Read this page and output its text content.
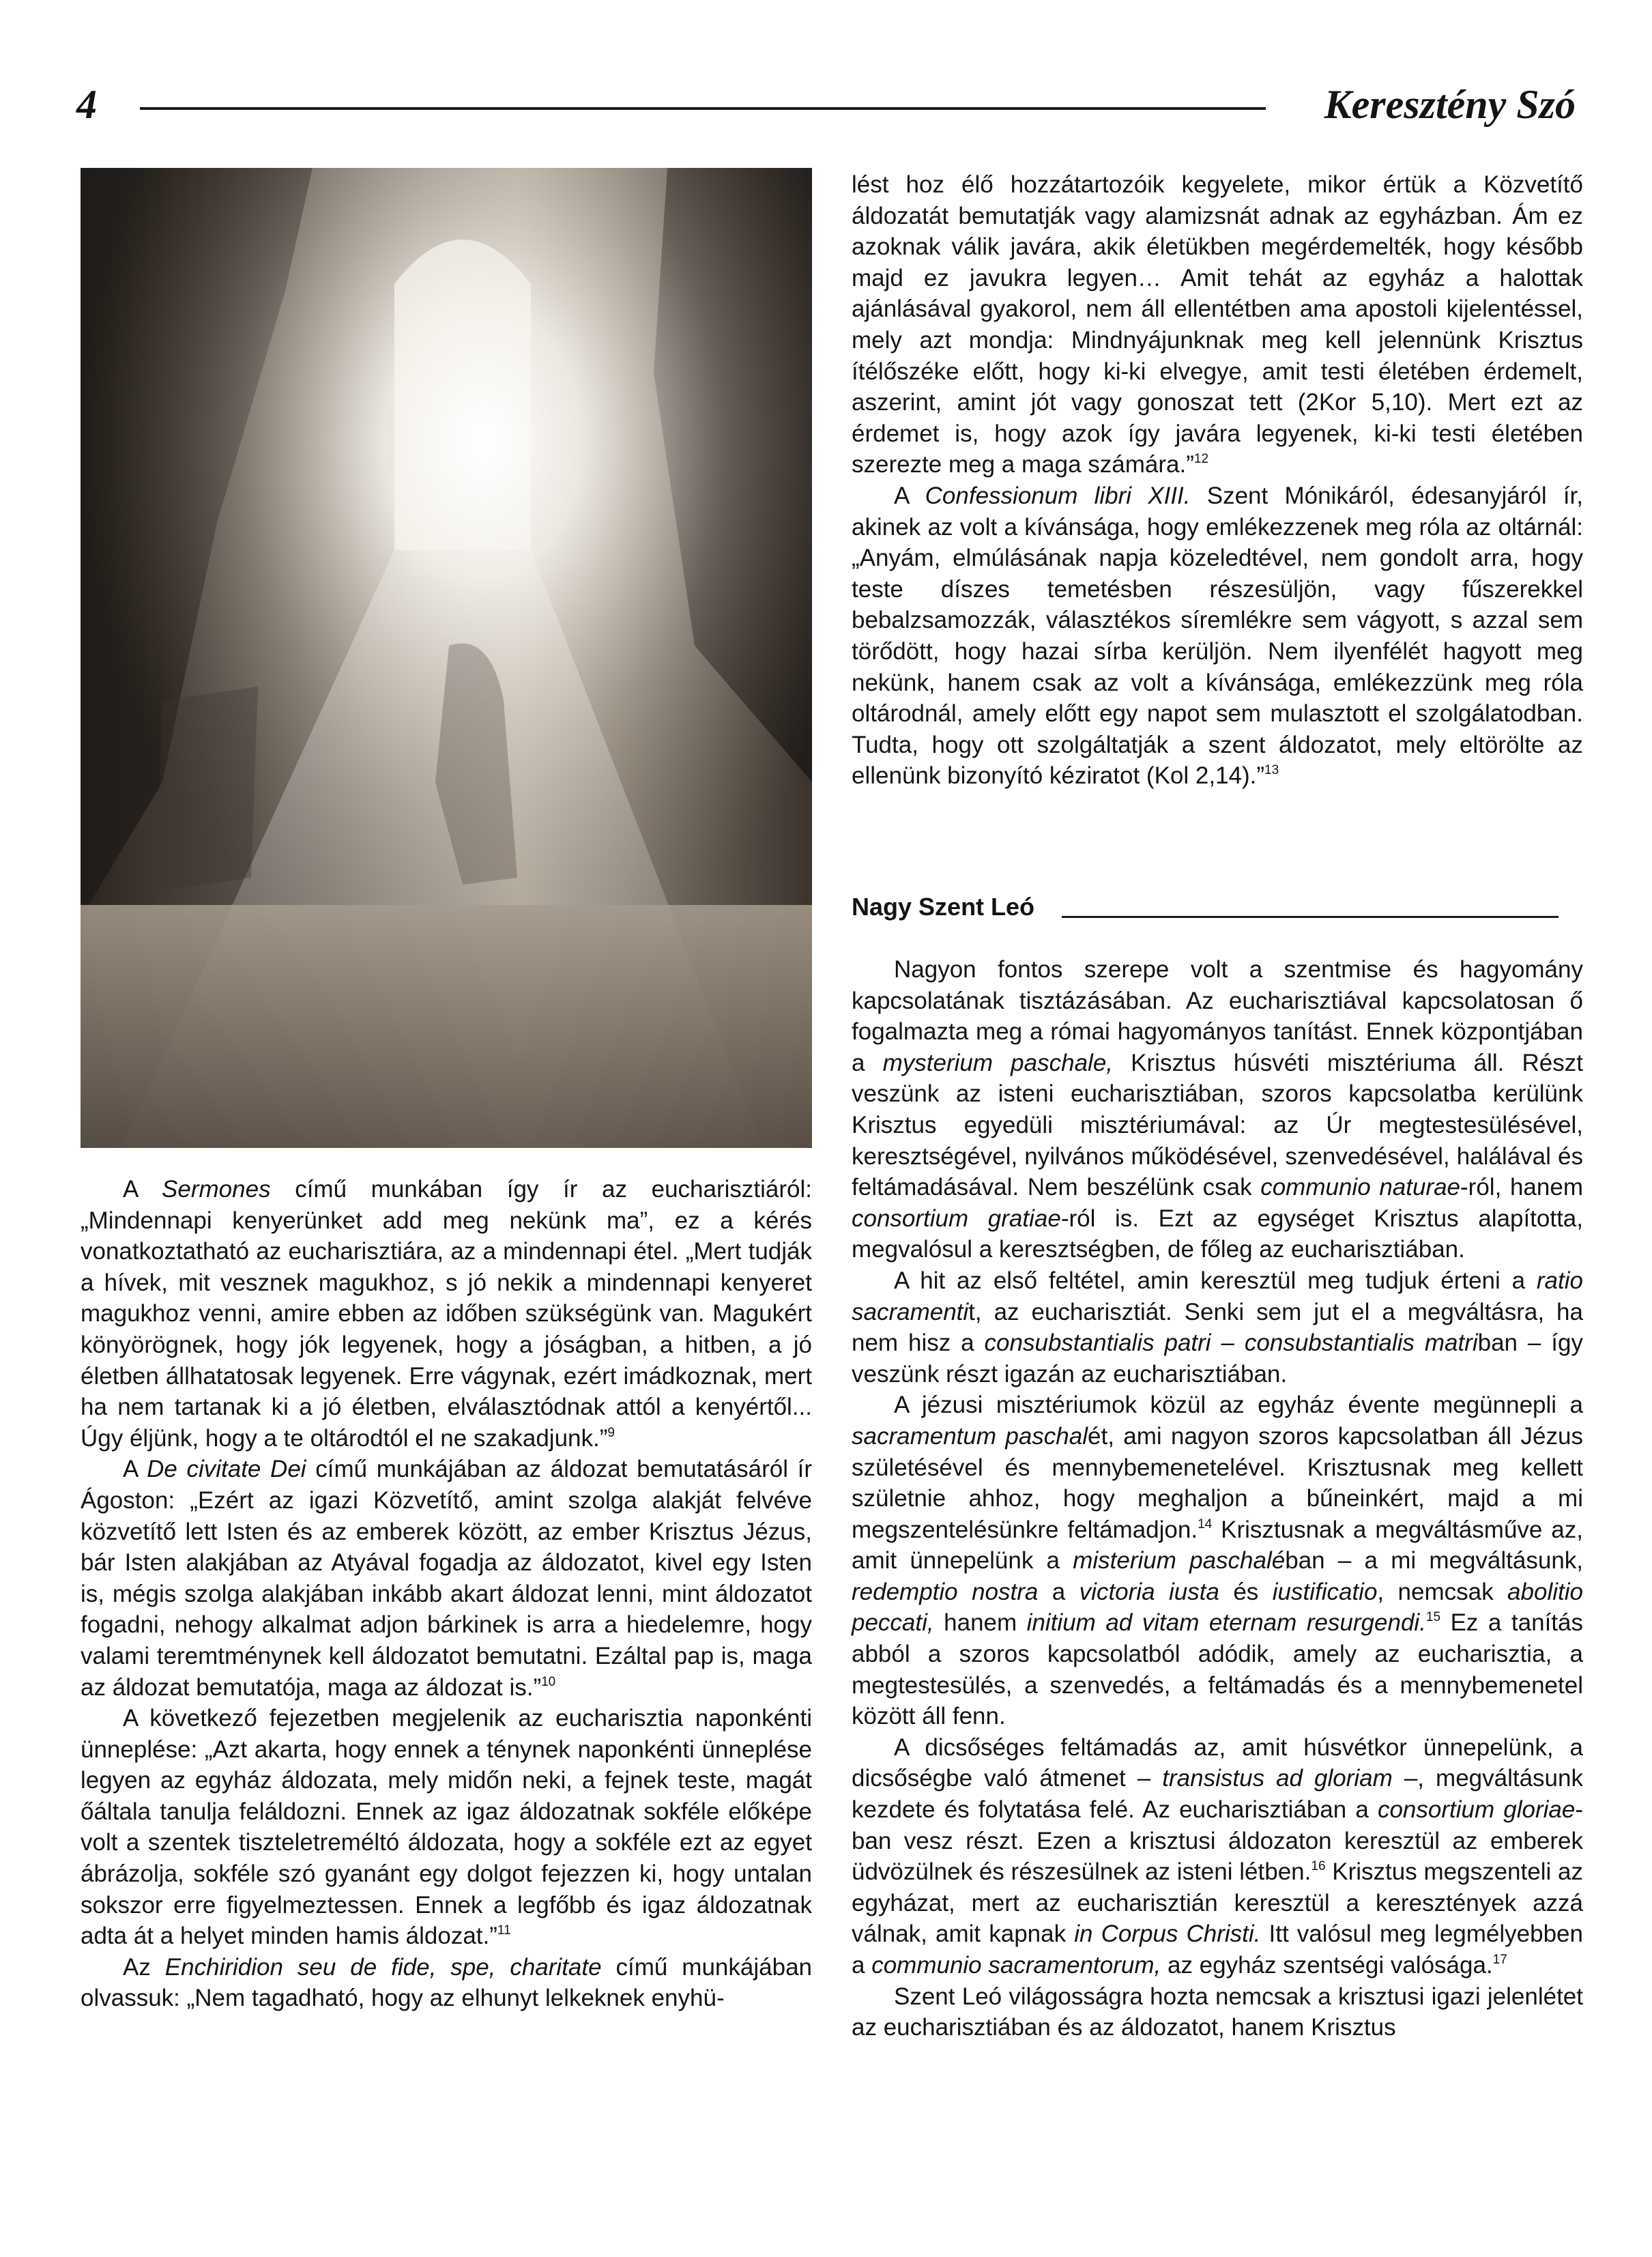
4	Keresztény Szó

lést hoz élő hozzátartozóik kegyelete, mikor értük a Közvetítő áldozatát bemutatják vagy alamizsnát adnak az egyházban. Ám ez azoknak válik javára, akik életükben megérdemelték, hogy később majd ez javukra legyen… Amit tehát az egyház a halottak ajánlásával gyakorol, nem áll ellentétben ama apostoli kijelentéssel, mely azt mondja: Mindnyájunknak meg kell jelennünk Krisztus ítélőszéke előtt, hogy ki-ki elvegye, amit testi életében érdemelt, aszerint, amint jót vagy gonoszat tett (2Kor 5,10). Mert ezt az érdemet is, hogy azok így javára legyenek, ki-ki testi életében szerezte meg a maga számára.”$^{12}$

A Confessionum libri XIII. Szent Mónikáról, édesanyjáról ír, akinek az volt a kívánsága, hogy emlékezzenek meg róla az oltárnál: „Anyám, elmúlásának napja közeledtével, nem gondolt arra, hogy teste díszes temetésben részesüljön, vagy fűszerekkel bebalzsamozzák, választékos síremlékre sem vágyott, s azzal sem törődött, hogy hazai sírba kerüljön. Nem ilyenfélét hagyott meg nekünk, hanem csak az volt a kívánsága, emlékezzünk meg róla oltárodnál, amely előtt egy napot sem mulasztott el szolgálatodban. Tudta, hogy ott szolgáltatják a szent áldozatot, mely eltörölte az ellenünk bizonyító kéziratot (Kol 2,14).”$^{13}$

Nagy Szent Leó

Nagyon fontos szerepe volt a szentmise és hagyomány kapcsolatának tisztázásában. Az eucharisztiával kapcsolatosan ő fogalmazta meg a római hagyományos tanítást. Ennek központjában a mysterium paschale, Krisztus húsvéti misztériuma áll. Részt veszünk az isteni eucharisztiában, szoros kapcsolatba kerülünk Krisztus egyedüli misztériumával: az Úr megtestesülésével, keresztségével, nyilvános működésével, szenvedésével, halálával és feltámadásával. Nem beszélünk csak communio naturae-ról, hanem consortium gratiae-ról is. Ezt az egységet Krisztus alapította, megvalósul a keresztségben, de főleg az eucharisztiában.

A hit az első feltétel, amin keresztül meg tudjuk érteni a ratio sacramentit, az eucharisztiát. Senki sem jut el a megváltásra, ha nem hisz a consubstantialis patri – consubstantialis matriban – így veszünk részt igazán az eucharisztiában.

A jézusi misztériumok közül az egyház évente megünnepli a sacramentum paschalét, ami nagyon szoros kapcsolatban áll Jézus születésével és mennybemenetelével. Krisztusnak meg kellett születnie ahhoz, hogy meghaljon a bűneinkért, majd a mi megszentelésünkre feltámadjon.$^{14}$ Krisztusnak a megváltásműve az, amit ünnepelünk a misterium paschaléban – a mi megváltásunk, redemptio nostra a victoria iusta és iustificatio, nemcsak abolitio peccati, hanem initium ad vitam eternam resurgendi.$^{15}$ Ez a tanítás abból a szoros kapcsolatból adódik, amely az eucharisztia, a megtestesülés, a szenvedés, a feltámadás és a mennybemenetel között áll fenn.

A dicsőséges feltámadás az, amit húsvétkor ünnepelünk, a dicsőségbe való átmenet – transistus ad gloriam –, megváltásunk kezdete és folytatása felé. Az eucharisztiában a consortium gloriae-ban vesz részt. Ezen a krisztusi áldozaton keresztül az emberek üdvözülnek és részesülnek az isteni létben.$^{16}$ Krisztus megszenteli az egyházat, mert az eucharisztián keresztül a keresztények azzá válnak, amit kapnak in Corpus Christi. Itt valósul meg legmélyebben a communio sacramentorum, az egyház szentségi valósága.$^{17}$

Szent Leó világosságra hozta nemcsak a krisztusi igazi jelenlétet az eucharisztiában és az áldozatot, hanem Krisztus

A Sermones című munkában így ír az eucharisztiáról: „Mindennapi kenyerünket add meg nekünk ma”, ez a kérés vonatkoztatható az eucharisztiára, az a mindennapi étel. „Mert tudják a hívek, mit vesznek magukhoz, s jó nekik a mindennapi kenyeret magukhoz venni, amire ebben az időben szükségünk van. Magukért könyörögnek, hogy jók legyenek, hogy a jóságban, a hitben, a jó életben állhatatosak legyenek. Erre vágynak, ezért imádkoznak, mert ha nem tartanak ki a jó életben, elválasztódnak attól a kenyértől... Úgy éljünk, hogy a te oltárodtól el ne szakadjunk.”$^9$

A De civitate Dei című munkájában az áldozat bemutatásáról ír Ágoston: „Ezért az igazi Közvetítő, amint szolga alakját felvéve közvetítő lett Isten és az emberek között, az ember Krisztus Jézus, bár Isten alakjában az Atyával fogadja az áldozatot, kivel egy Isten is, mégis szolga alakjában inkább akart áldozat lenni, mint áldozatot fogadni, nehogy alkalmat adjon bárkinek is arra a hiedelemre, hogy valami teremtménynek kell áldozatot bemutatni. Ezáltal pap is, maga az áldozat bemutatója, maga az áldozat is.”$^{10}$

A következő fejezetben megjelenik az eucharisztia naponkénti ünneplése: „Azt akarta, hogy ennek a ténynek naponkénti ünneplése legyen az egyház áldozata, mely midőn neki, a fejnek teste, magát őáltala tanulja feláldozni. Ennek az igaz áldozatnak sokféle előképe volt a szentek tiszteletreméltó áldozata, hogy a sokféle ezt az egyet ábrázolja, sokféle szó gyanánt egy dolgot fejezzen ki, hogy untalan sokszor erre figyelmeztessen. Ennek a legfőbb és igaz áldozatnak adta át a helyet minden hamis áldozat.”$^{11}$

Az Enchiridion seu de fide, spe, charitate című munkájában olvassuk: „Nem tagadható, hogy az elhunyt lelkeknek enyhü-
